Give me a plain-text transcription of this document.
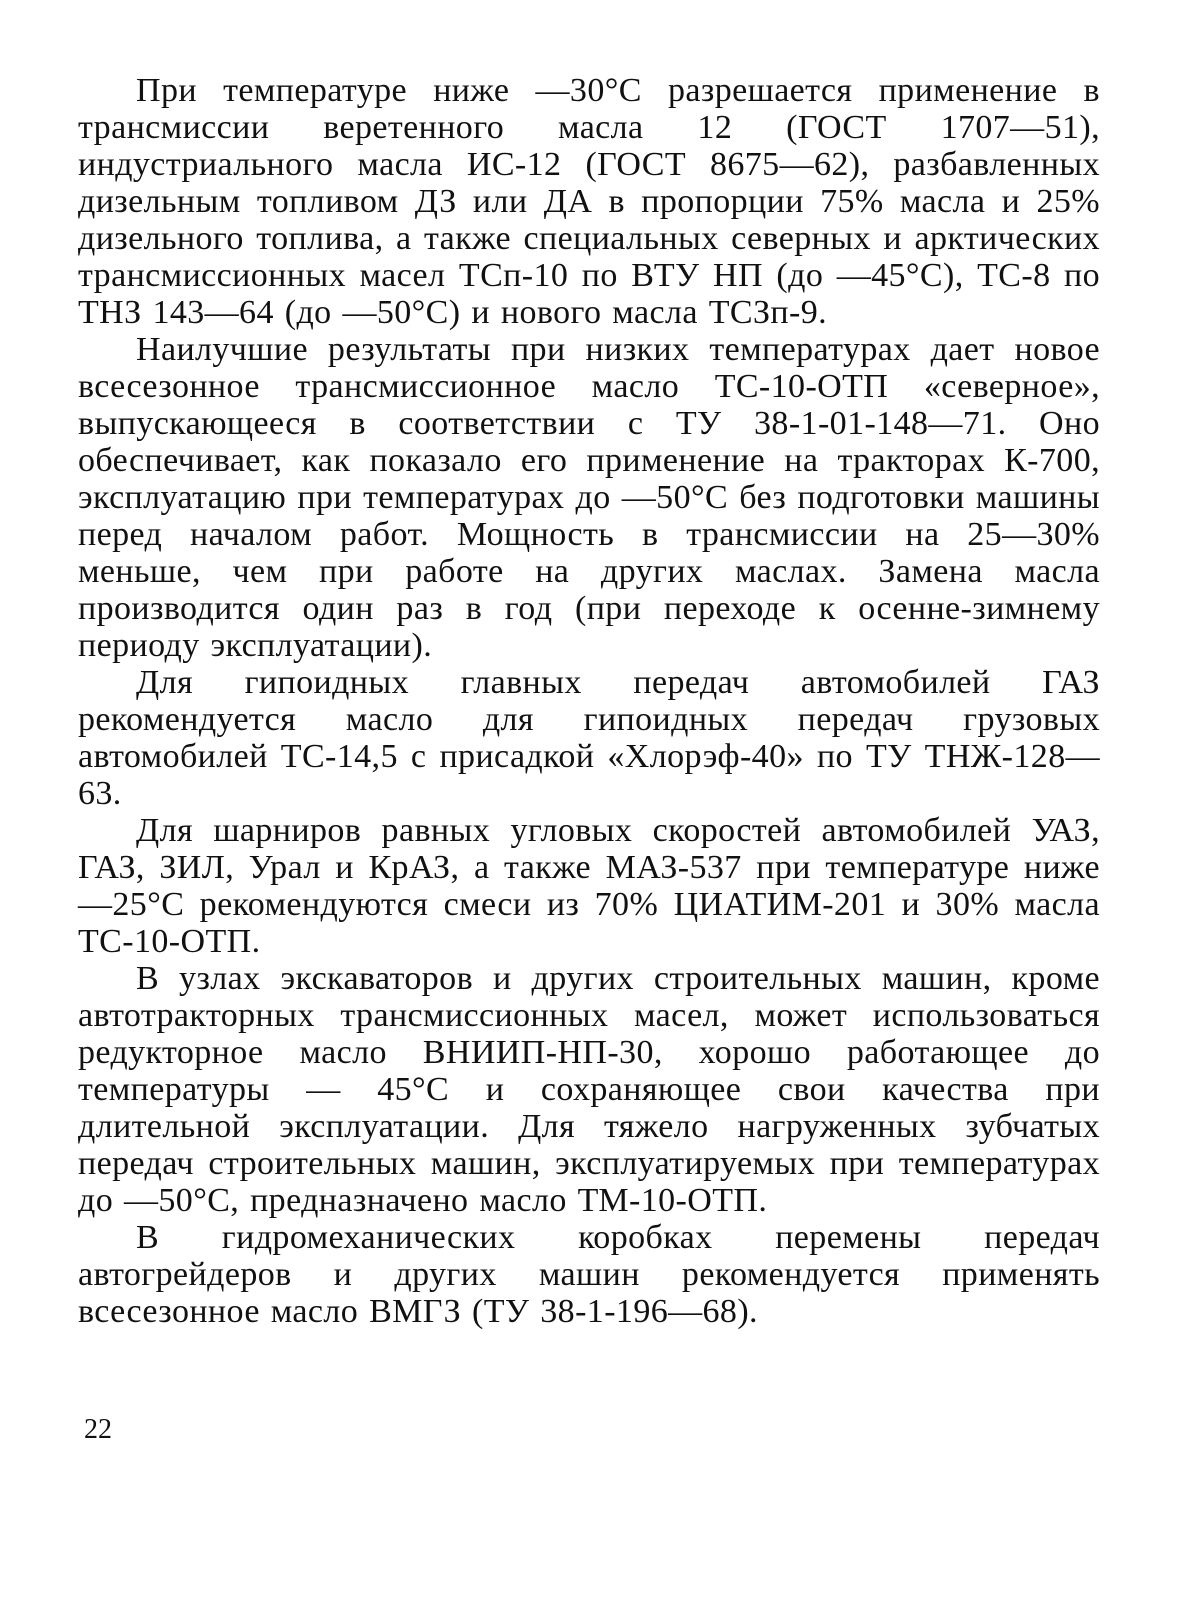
При температуре ниже —30°С разрешается применение в трансмиссии веретенного масла 12 (ГОСТ 1707—51), индустриального масла ИС-12 (ГОСТ 8675—62), разбавленных дизельным топливом ДЗ или ДА в пропорции 75% масла и 25% дизельного топлива, а также специальных северных и арктических трансмиссионных масел ТСп-10 по ВТУ НП (до —45°С), ТС-8 по ТНЗ 143—64 (до —50°С) и нового масла ТСЗп-9.

Наилучшие результаты при низких температурах дает новое всесезонное трансмиссионное масло ТС-10-ОТП «северное», выпускающееся в соответствии с ТУ 38-1-01-148—71. Оно обеспечивает, как показало его применение на тракторах К-700, эксплуатацию при температурах до —50°С без подготовки машины перед началом работ. Мощность в трансмиссии на 25—30% меньше, чем при работе на других маслах. Замена масла производится один раз в год (при переходе к осенне-зимнему периоду эксплуатации).

Для гипоидных главных передач автомобилей ГАЗ рекомендуется масло для гипоидных передач грузовых автомобилей ТС-14,5 с присадкой «Хлорэф-40» по ТУ ТНЖ-128—63.

Для шарниров равных угловых скоростей автомобилей УАЗ, ГАЗ, ЗИЛ, Урал и КрАЗ, а также МАЗ-537 при температуре ниже —25°С рекомендуются смеси из 70% ЦИАТИМ-201 и 30% масла ТС-10-ОТП.

В узлах экскаваторов и других строительных машин, кроме автотракторных трансмиссионных масел, может использоваться редукторное масло ВНИИП-НП-30, хорошо работающее до температуры — 45°С и сохраняющее свои качества при длительной эксплуатации. Для тяжело нагруженных зубчатых передач строительных машин, эксплуатируемых при температурах до —50°С, предназначено масло ТМ-10-ОТП.

В гидромеханических коробках перемены передач автогрейдеров и других машин рекомендуется применять всесезонное масло ВМГЗ (ТУ 38-1-196—68).

22
